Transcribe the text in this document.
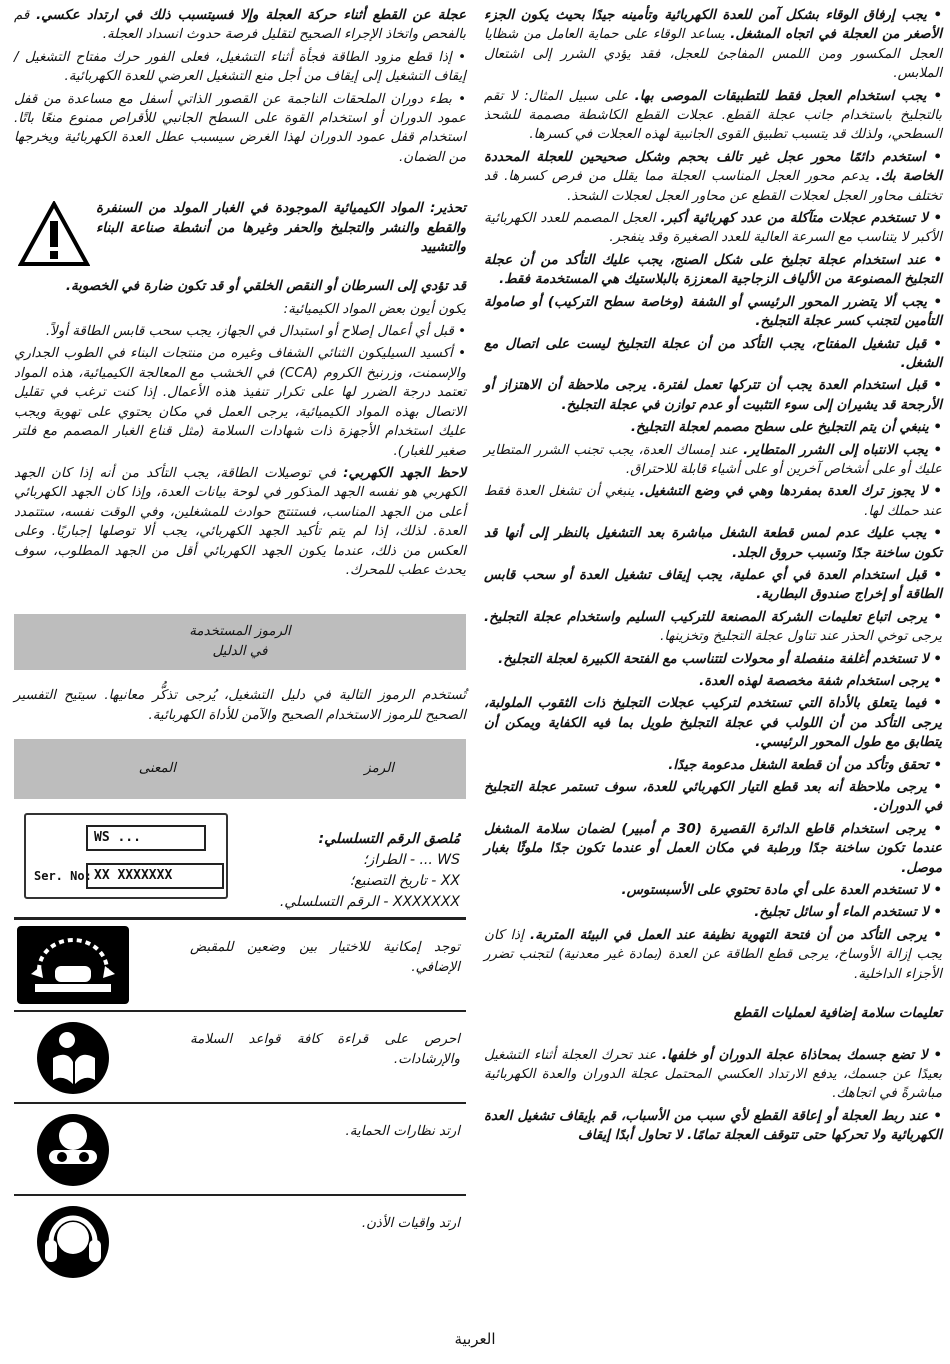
• يجب إرفاق الوقاء بشكل آمن للعدة الكهربائية وتأمينه جيدًا بحيث يكون الجزء الأصغر من العجلة في اتجاه المشغل. يساعد الوقاء على حماية العامل من شظايا العجل المكسور ومن اللمس المفاجئ للعجل، فقد يؤدي الشرر إلى اشتعال الملابس.

• يجب استخدام العجل فقط للتطبيقات الموصى بها. على سبيل المثال: لا تقم بالتجليخ باستخدام جانب عجلة القطع. عجلات القطع الكاشطة مصممة للشحذ السطحي، ولذلك قد يتسبب تطبيق القوى الجانبية لهذه العجلات في كسرها.

• استخدم دائمًا محور عجل غير تالف بحجم وشكل صحيحين للعجلة المحددة الخاصة بك. يدعم محور العجل المناسب العجلة مما يقلل من فرص كسرها. قد تختلف محاور العجل لعجلات القطع عن محاور العجل لعجلات الشحذ.

• لا تستخدم عجلات متآكلة من عدد كهربائية أكبر. العجل المصمم للعدد الكهربائية الأكبر لا يتناسب مع السرعة العالية للعدد الصغيرة وقد ينفجر.

• عند استخدام عجلة تجليخ على شكل الصنج، يجب عليك التأكد من أن عجلة التجليخ المصنوعة من الألياف الزجاجية المعززة بالبلاستيك هي المستخدمة فقط.

• يجب ألا يتضرر المحور الرئيسي أو الشفة (وخاصة سطح التركيب) أو صامولة التأمين لتجنب كسر عجلة التجليخ.

• قبل تشغيل المفتاح، يجب التأكد من أن عجلة التجليخ ليست على اتصال مع الشغل.

• قبل استخدام العدة يجب أن تتركها تعمل لفترة. يرجى ملاحظة أن الاهتزاز أو الأرجحة قد يشيران إلى سوء التثبيت أو عدم توازن في عجلة التجليخ.

• ينبغي أن يتم التجليخ على سطح مصمم لعجلة التجليخ.

• يجب الانتباه إلى الشرر المتطاير. عند إمساك العدة، يجب تجنب الشرر المتطاير عليك أو على أشخاص آخرين أو على أشياء قابلة للاحتراق.

• لا يجوز ترك العدة بمفردها وهي في وضع التشغيل. ينبغي أن تشغل العدة فقط عند حملك لها.

• يجب عليك عدم لمس قطعة الشغل مباشرة بعد التشغيل بالنظر إلى أنها قد تكون ساخنة جدًا وتسبب حروق الجلد.

• قبل استخدام العدة في أي عملية، يجب إيقاف تشغيل العدة أو سحب قابس الطاقة أو إخراج صندوق البطارية.

• يرجى اتباع تعليمات الشركة المصنعة للتركيب السليم واستخدام عجلة التجليخ. يرجى توخي الحذر عند تناول عجلة التجليخ وتخزينها.

• لا تستخدم أغلفة منفصلة أو محولات لتتناسب مع الفتحة الكبيرة لعجلة التجليخ.

• يرجى استخدام شفة مخصصة لهذه العدة.

• فيما يتعلق بالأداة التي تستخدم لتركيب عجلات التجليخ ذات الثقوب الملولبة، يرجى التأكد من أن اللولب في عجلة التجليخ طويل بما فيه الكفاية ويمكن أن يتطابق مع طول المحور الرئيسي.

• تحقق وتأكد من أن قطعة الشغل مدعومة جيدًا.

• يرجى ملاحظة أنه بعد قطع التيار الكهربائي للعدة، سوف تستمر عجلة التجليخ في الدوران.

• يرجى استخدام قاطع الدائرة القصيرة (30 م أمبير) لضمان سلامة المشغل عندما تكون ساخنة جدًا ورطبة في مكان العمل أو عندما تكون جدًا ملوثًا بغبار موصل.

• لا تستخدم العدة على أي مادة تحتوي على الأسبستوس.

• لا تستخدم الماء أو سائل تجليخ.

• يرجى التأكد من أن فتحة التهوية نظيفة عند العمل في البيئة المتربة. إذا كان يجب إزالة الأوساخ، يرجى قطع الطاقة عن العدة (بمادة غير معدنية) لتجنب تضرر الأجزاء الداخلية.

تعليمات سلامة إضافية لعمليات القطع

• لا تضع جسمك بمحاذاة عجلة الدوران أو خلفها. عند تحرك العجلة أثناء التشغيل بعيدًا عن جسمك، يدفع الارتداد العكسي المحتمل عجلة الدوران والعدة الكهربائية مباشرةً في اتجاهك.

• عند ربط العجلة أو إعاقة القطع لأي سبب من الأسباب، قم بإيقاف تشغيل العدة الكهربائية ولا تحركها حتى تتوقف العجلة تمامًا. لا تحاول أبدًا إيقاف

عجلة عن القطع أثناء حركة العجلة وإلا فسيتسبب ذلك في ارتداد عكسي. قم بالفحص واتخاذ الإجراء الصحيح لتقليل فرصة حدوث انسداد العجلة.

• إذا قطع مزود الطاقة فجأة أثناء التشغيل، فعلى الفور حرك مفتاح التشغيل / إيقاف التشغيل إلى إيقاف من أجل منع التشغيل العرضي للعدة الكهربائية.

• بطء دوران الملحقات الناجمة عن القصور الذاتي أسفل مع مساعدة من قفل عمود الدوران أو استخدام القوة على السطح الجانبي للأقراص ممنوع منعًا باتًا. استخدام قفل عمود الدوران لهذا الغرض سيسبب عطل العدة الكهربائية ويخرجها من الضمان.

تحذير: المواد الكيميائية الموجودة في الغبار المولد من السنفرة والقطع والنشر والتجليخ والحفر وغيرها من أنشطة صناعة البناء والتشييد

قد تؤدي إلى السرطان أو النقص الخلقي أو قد تكون ضارة في الخصوبة.

يكون أيون بعض المواد الكيميائية:

• قبل أي أعمال إصلاح أو استبدال في الجهاز، يجب سحب قابس الطاقة أولاً.

• أكسيد السيليكون الثنائي الشفاف وغيره من منتجات البناء في الطوب الجداري والإسمنت، وزرنيخ الكروم (CCA) في الخشب مع المعالجة الكيميائية، هذه المواد تعتمد درجة الضرر لها على تكرار تنفيذ هذه الأعمال. إذا كنت ترغب في تقليل الاتصال بهذه المواد الكيميائية، يرجى العمل في مكان يحتوي على تهوية ويجب عليك استخدام الأجهزة ذات شهادات السلامة (مثل قناع الغبار المصمم مع فلتر صغير للغبار).

لاحظ الجهد الكهربي: في توصيلات الطاقة، يجب التأكد من أنه إذا كان الجهد الكهربي هو نفسه الجهد المذكور في لوحة بيانات العدة، وإذا كان الجهد الكهربائي أعلى من الجهد المناسب، فستنتج حوادث للمشغلين، وفي الوقت نفسه، ستتمدد العدة. لذلك، إذا لم يتم تأكيد الجهد الكهربائي، يجب ألا توصلها إجباريًا. وعلى العكس من ذلك، عندما يكون الجهد الكهربائي أقل من الجهد المطلوب، سوف يحدث عطب للمحرك.

الرموز المستخدمة
في الدليل

تُستخدم الرموز التالية في دليل التشغيل، يُرجى تذكُّر معانيها. سيتيح التفسير الصحيح للرموز الاستخدام الصحيح والآمن للأداة الكهربائية.

الرمز
المعنى
WS ...
Ser. No: XX XXXXXXX
مُلصق الرقم التسلسلي:
WS ... - الطراز؛
XX - تاريخ التصنيع؛
XXXXXXX - الرقم التسلسلي.
توجد إمكانية للاختيار بين وضعين للمقبض الإضافي.
احرص على قراءة كافة قواعد السلامة والإرشادات.
ارتد نظارات الحماية.
ارتد واقيات الأذن.
العربية
